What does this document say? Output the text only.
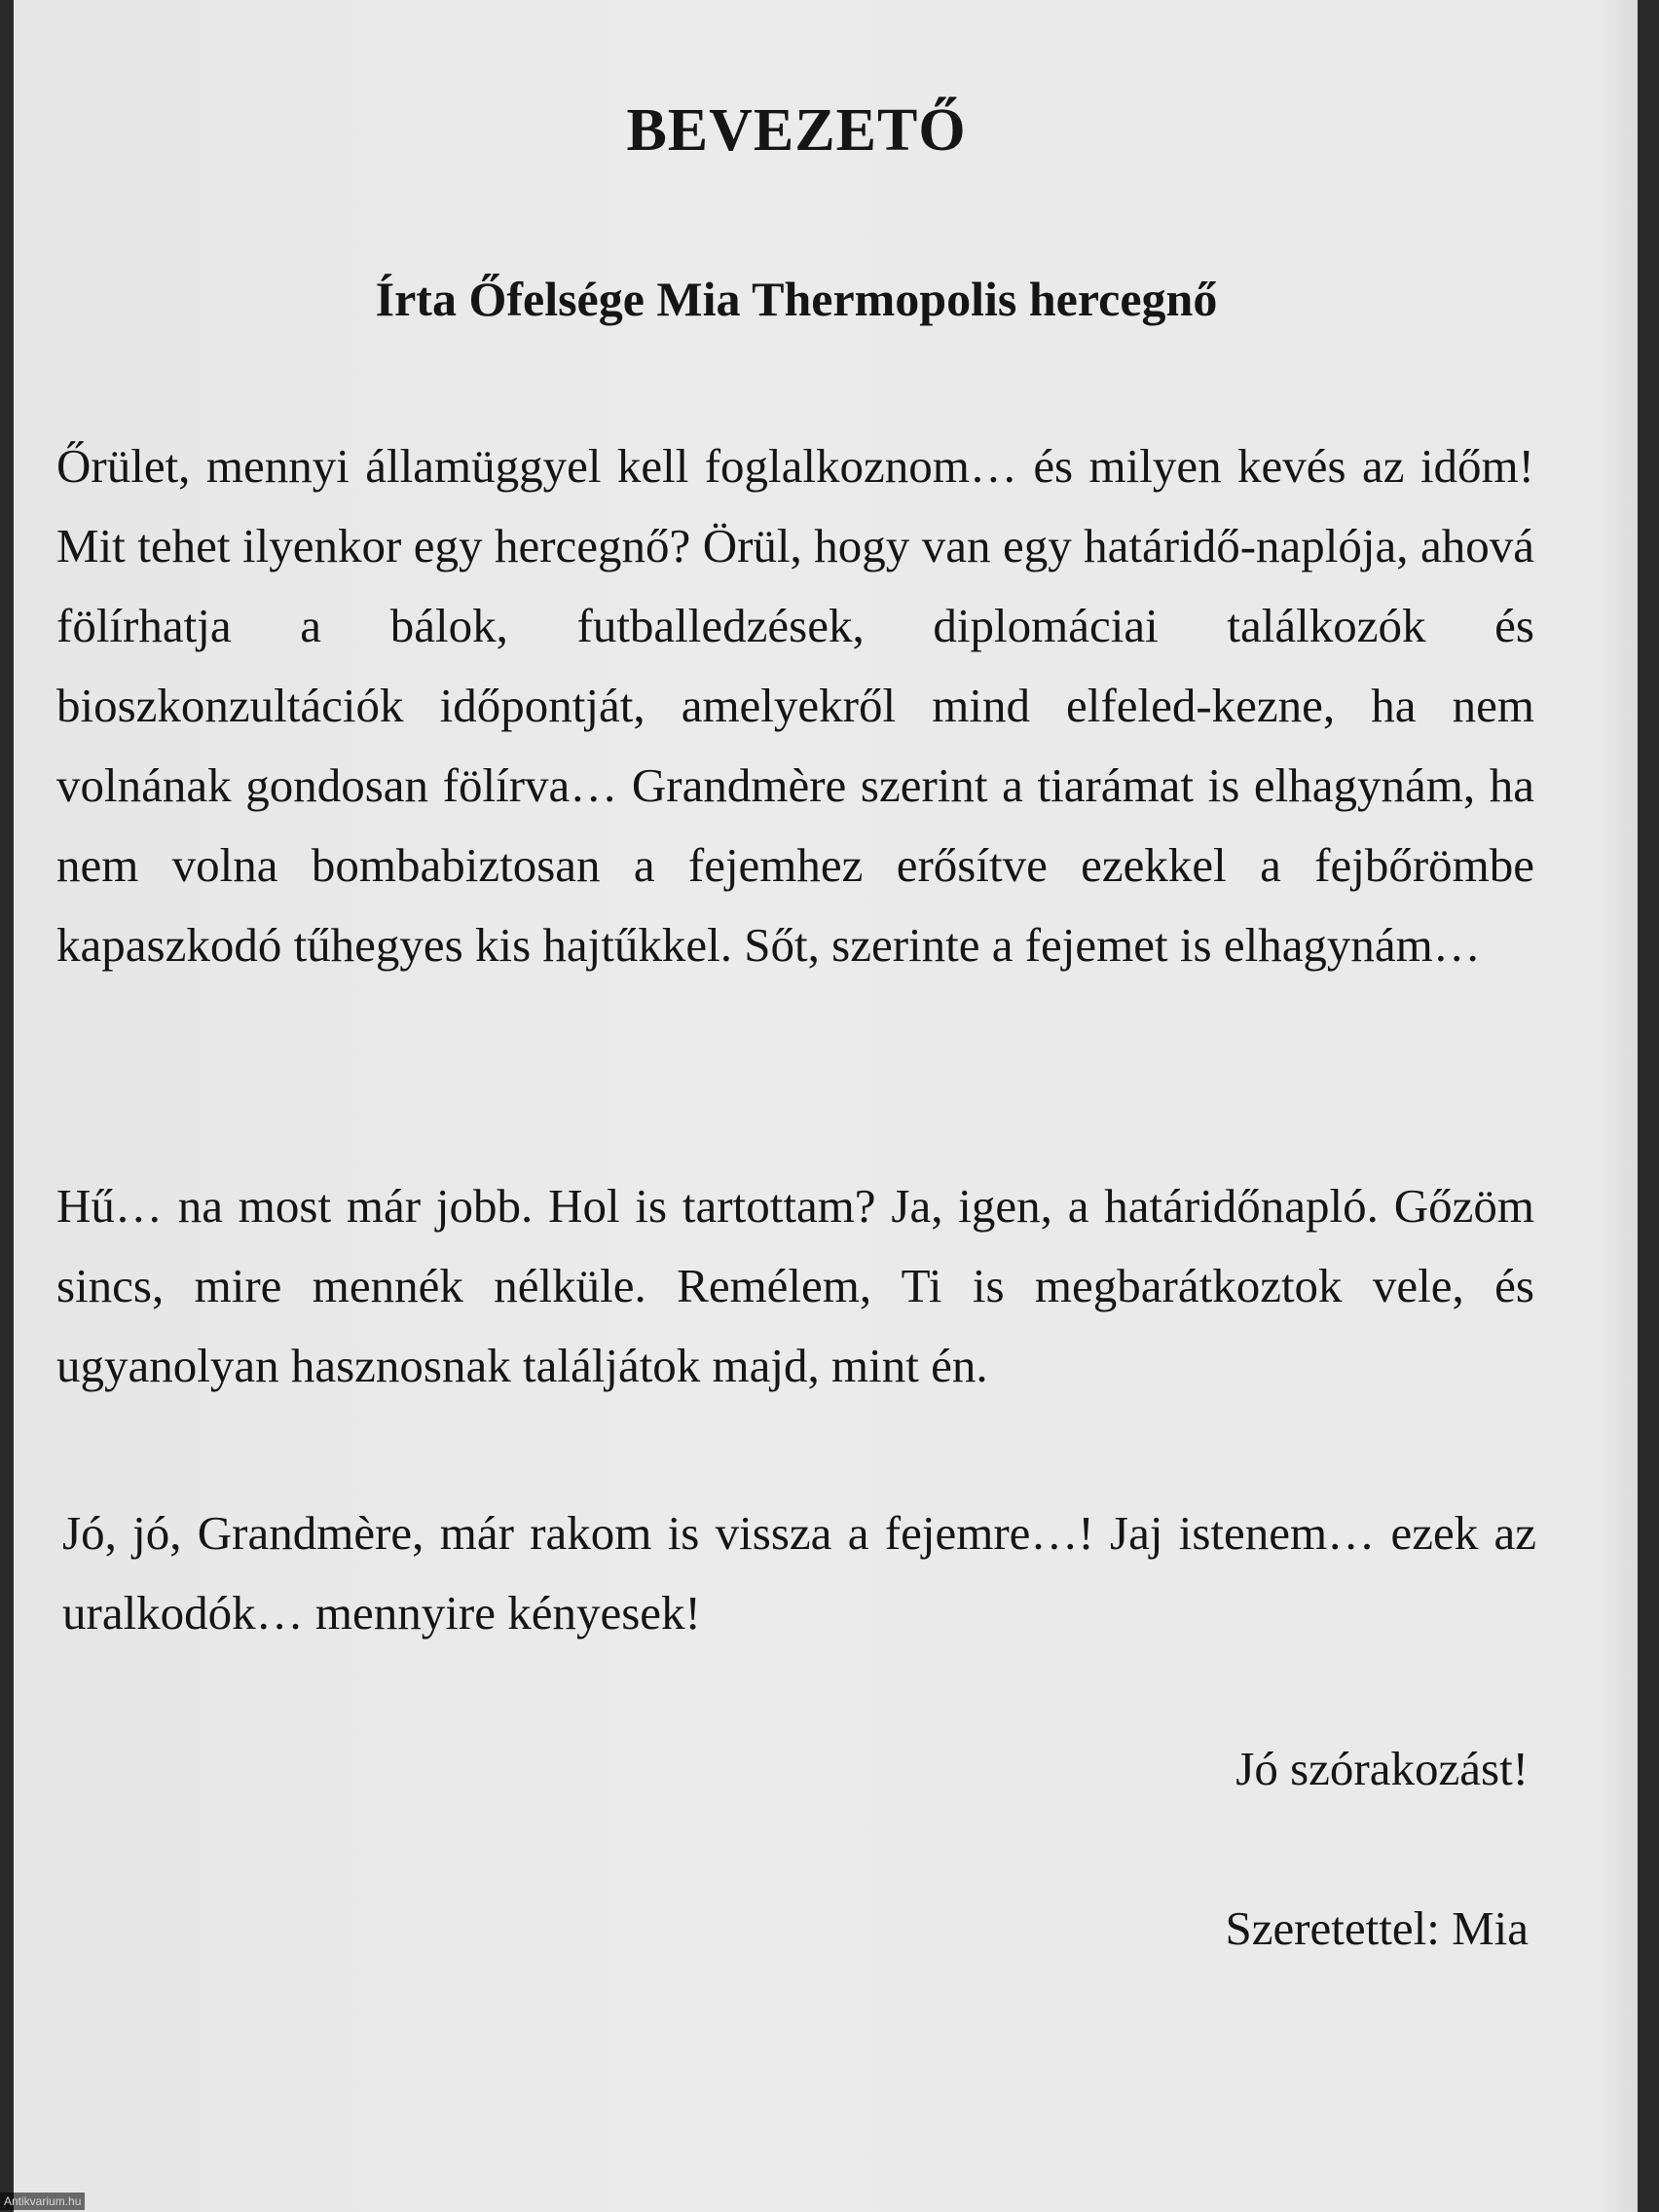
BEVEZETŐ
Írta Őfelsége Mia Thermopolis hercegnő

Őrület, mennyi államüggyel kell foglalkoznom… és milyen kevés az időm! Mit tehet ilyenkor egy hercegnő? Örül, hogy van egy határidő-naplója, ahová fölírhatja a bálok, futballedzések, diplomáciai találkozók és bioszkonzultációk időpontját, amelyekről mind elfeled-kezne, ha nem volnának gondosan fölírva… Grandmère szerint a tiarámat is elhagynám, ha nem volna bombabiztosan a fejemhez erősítve ezekkel a fejbőrömbe kapaszkodó tűhegyes kis hajtűkkel. Sőt, szerinte a fejemet is elhagynám…

Hű… na most már jobb. Hol is tartottam? Ja, igen, a határidőnapló. Gőzöm sincs, mire mennék nélküle. Remélem, Ti is megbarátkoztok vele, és ugyanolyan hasznosnak találjátok majd, mint én.

Jó, jó, Grandmère, már rakom is vissza a fejemre…! Jaj istenem… ezek az uralkodók… mennyire kényesek!

Jó szórakozást!

Szeretettel: Mia

Antikvarium.hu
